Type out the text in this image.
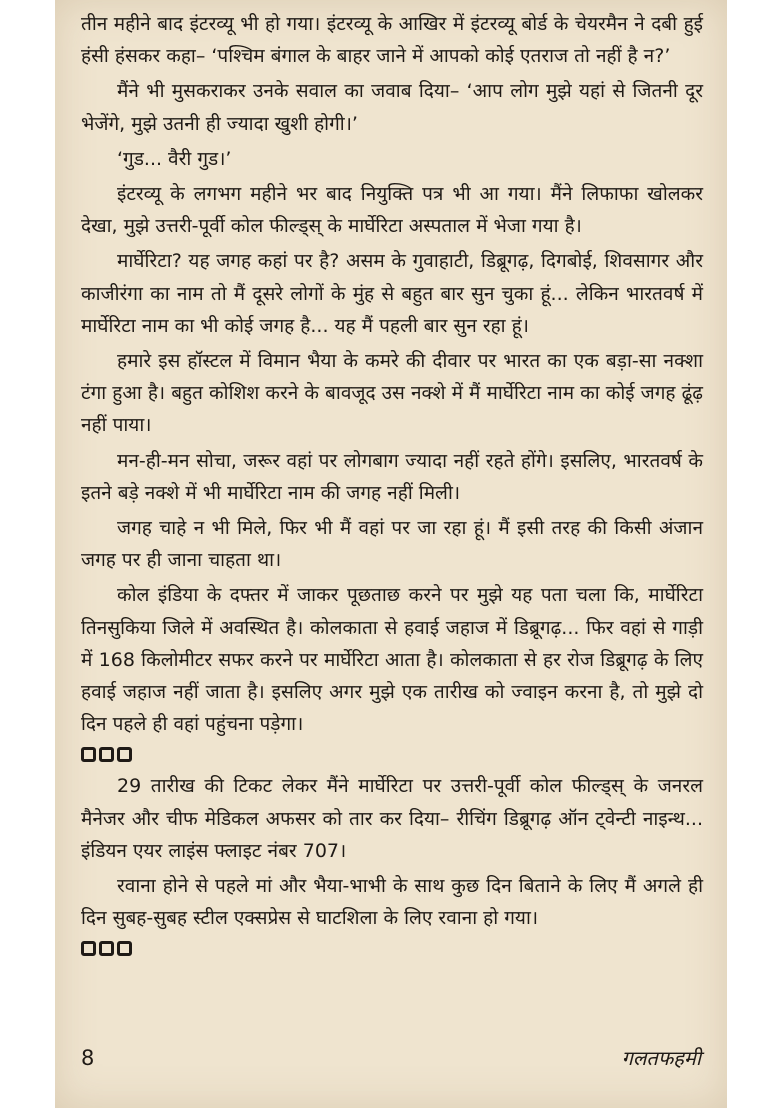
तीन महीने बाद इंटरव्यू भी हो गया। इंटरव्यू के आखिर में इंटरव्यू बोर्ड के चेयरमैन ने दबी हुई हंसी हंसकर कहा– ‘पश्चिम बंगाल के बाहर जाने में आपको कोई एतराज तो नहीं है न?’

मैंने भी मुसकराकर उनके सवाल का जवाब दिया– ‘आप लोग मुझे यहां से जितनी दूर भेजेंगे, मुझे उतनी ही ज्यादा खुशी होगी।’

‘गुड... वैरी गुड।’

इंटरव्यू के लगभग महीने भर बाद नियुक्ति पत्र भी आ गया। मैंने लिफाफा खोलकर देखा, मुझे उत्तरी-पूर्वी कोल फील्ड्स् के मार्घेरिटा अस्पताल में भेजा गया है।

मार्घेरिटा? यह जगह कहां पर है? असम के गुवाहाटी, डिब्रूगढ़, दिगबोई, शिवसागर और काजीरंगा का नाम तो मैं दूसरे लोगों के मुंह से बहुत बार सुन चुका हूं... लेकिन भारतवर्ष में मार्घेरिटा नाम का भी कोई जगह है... यह मैं पहली बार सुन रहा हूं।

हमारे इस हॉस्टल में विमान भैया के कमरे की दीवार पर भारत का एक बड़ा-सा नक्शा टंगा हुआ है। बहुत कोशिश करने के बावजूद उस नक्शे में मैं मार्घेरिटा नाम का कोई जगह ढूंढ़ नहीं पाया।

मन-ही-मन सोचा, जरूर वहां पर लोगबाग ज्यादा नहीं रहते होंगे। इसलिए, भारतवर्ष के इतने बड़े नक्शे में भी मार्घेरिटा नाम की जगह नहीं मिली।

जगह चाहे न भी मिले, फिर भी मैं वहां पर जा रहा हूं। मैं इसी तरह की किसी अंजान जगह पर ही जाना चाहता था।

कोल इंडिया के दफ्तर में जाकर पूछताछ करने पर मुझे यह पता चला कि, मार्घेरिटा तिनसुकिया जिले में अवस्थित है। कोलकाता से हवाई जहाज में डिब्रूगढ़... फिर वहां से गाड़ी में 168 किलोमीटर सफर करने पर मार्घेरिटा आता है। कोलकाता से हर रोज डिब्रूगढ़ के लिए हवाई जहाज नहीं जाता है। इसलिए अगर मुझे एक तारीख को ज्वाइन करना है, तो मुझे दो दिन पहले ही वहां पहुंचना पड़ेगा।

29 तारीख की टिकट लेकर मैंने मार्घेरिटा पर उत्तरी-पूर्वी कोल फील्ड्स् के जनरल मैनेजर और चीफ मेडिकल अफसर को तार कर दिया– रीचिंग डिब्रूगढ़ ऑन ट्वेन्टी नाइन्थ... इंडियन एयर लाइंस फ्लाइट नंबर 707।

रवाना होने से पहले मां और भैया-भाभी के साथ कुछ दिन बिताने के लिए मैं अगले ही दिन सुबह-सुबह स्टील एक्सप्रेस से घाटशिला के लिए रवाना हो गया।

8	गलतफहमी
